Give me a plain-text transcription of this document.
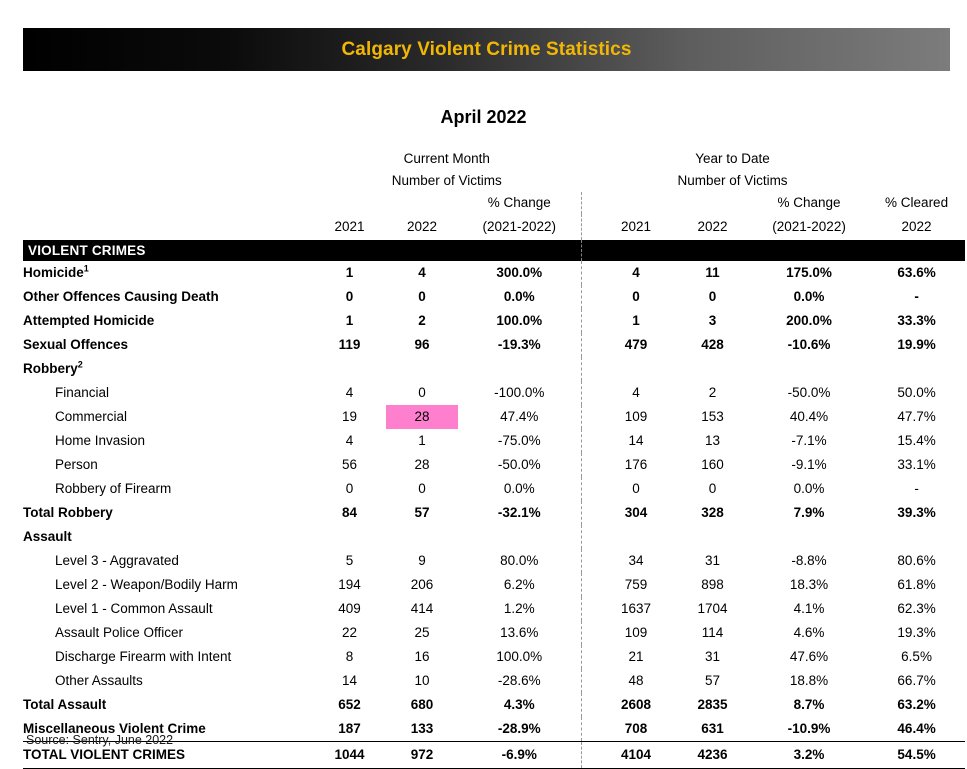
Calgary Violent Crime Statistics
April 2022
	Current Month				Year to Date			
	Number of Victims				Number of Victims			
			% Change				% Change	% Cleared
	2021	2022	(2021-2022)		2021	2022	(2021-2022)	2022
VIOLENT CRIMES								
Homicide$^1$	1	4	300.0%		4	11	175.0%	63.6%
Other Offences Causing Death	0	0	0.0%		0	0	0.0%	-
Attempted Homicide	1	2	100.0%		1	3	200.0%	33.3%
Sexual Offences	119	96	-19.3%		479	428	-10.6%	19.9%
Robbery$^2$								
Financial	4	0	-100.0%		4	2	-50.0%	50.0%
Commercial	19	28	47.4%		109	153	40.4%	47.7%
Home Invasion	4	1	-75.0%		14	13	-7.1%	15.4%
Person	56	28	-50.0%		176	160	-9.1%	33.1%
Robbery of Firearm	0	0	0.0%		0	0	0.0%	-
Total Robbery	84	57	-32.1%		304	328	7.9%	39.3%
Assault								
Level 3 - Aggravated	5	9	80.0%		34	31	-8.8%	80.6%
Level 2 - Weapon/Bodily Harm	194	206	6.2%		759	898	18.3%	61.8%
Level 1 - Common Assault	409	414	1.2%		1637	1704	4.1%	62.3%
Assault Police Officer	22	25	13.6%		109	114	4.6%	19.3%
Discharge Firearm with Intent	8	16	100.0%		21	31	47.6%	6.5%
Other Assaults	14	10	-28.6%		48	57	18.8%	66.7%
Total Assault	652	680	4.3%		2608	2835	8.7%	63.2%
Miscellaneous Violent Crime	187	133	-28.9%		708	631	-10.9%	46.4%
TOTAL VIOLENT CRIMES	1044	972	-6.9%		4104	4236	3.2%	54.5%
Source: Sentry, June 2022
